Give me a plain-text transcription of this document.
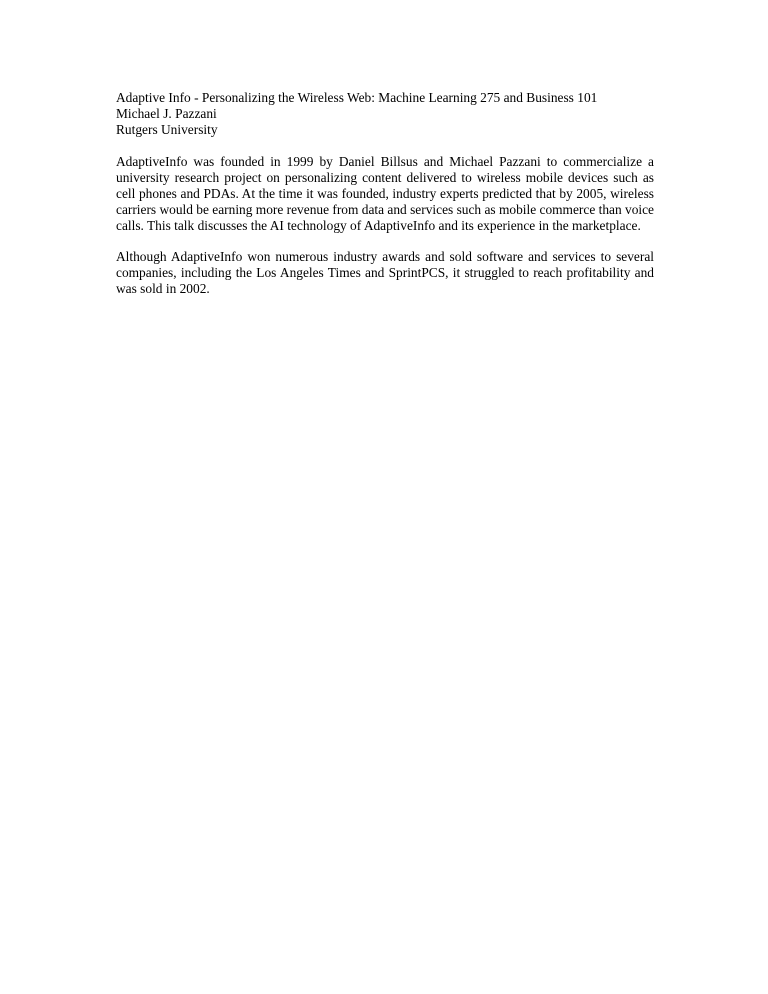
Adaptive Info - Personalizing the Wireless Web: Machine Learning 275 and Business 101
Michael J. Pazzani
Rutgers University

AdaptiveInfo was founded in 1999 by Daniel Billsus and Michael Pazzani to commercialize a university research project on personalizing content delivered to wireless mobile devices such as cell phones and PDAs. At the time it was founded, industry experts predicted that by 2005, wireless carriers would be earning more revenue from data and services such as mobile commerce than voice calls. This talk discusses the AI technology of AdaptiveInfo and its experience in the marketplace.

Although AdaptiveInfo won numerous industry awards and sold software and services to several companies, including the Los Angeles Times and SprintPCS, it struggled to reach profitability and was sold in 2002.
